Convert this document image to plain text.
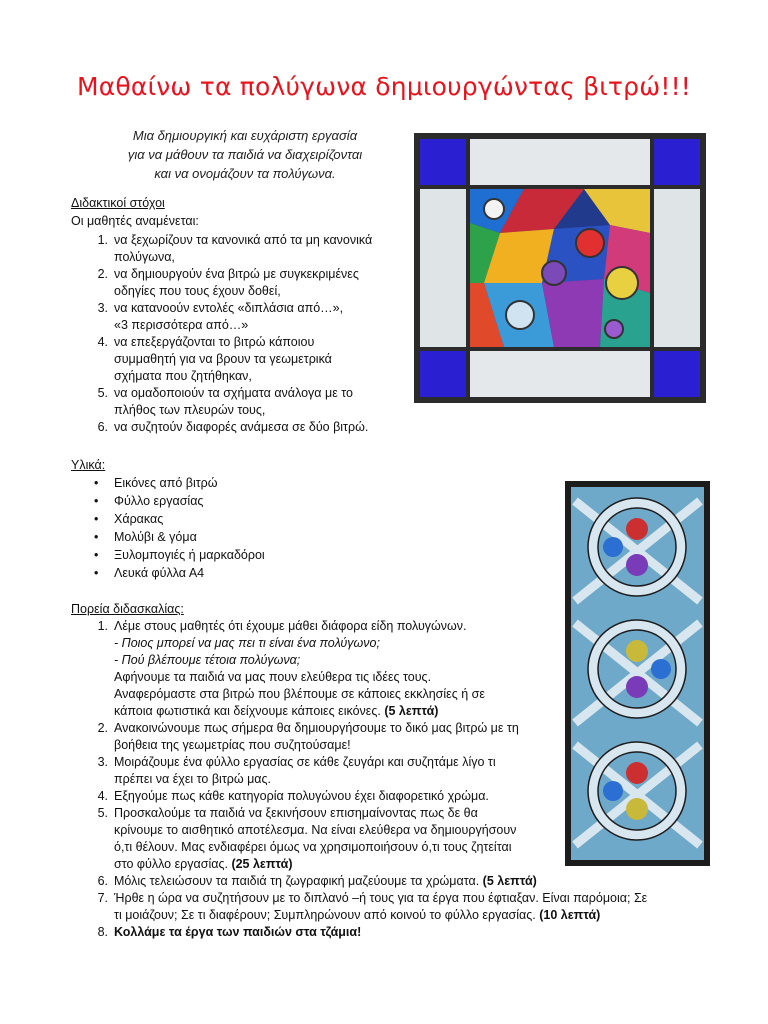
Μαθαίνω τα πολύγωνα δημιουργώντας βιτρώ!!!
Μια δημιουργική και ευχάριστη εργασία
για να μάθουν τα παιδιά να διαχειρίζονται
και να ονομάζουν τα πολύγωνα.
Διδακτικοί στόχοι
Οι μαθητές αναμένεται:
1. να ξεχωρίζουν τα κανονικά από τα μη κανονικά
πολύγωνα,
2. να δημιουργούν ένα βιτρώ με συγκεκριμένες
οδηγίες που τους έχουν δοθεί,
3. να κατανοούν εντολές «διπλάσια από…»,
«3 περισσότερα από…»
4. να επεξεργάζονται το βιτρώ κάποιου
συμμαθητή για να βρουν τα γεωμετρικά
σχήματα που ζητήθηκαν,
5. να ομαδοποιούν τα σχήματα ανάλογα με το
πλήθος των πλευρών τους,
6. να συζητούν διαφορές ανάμεσα σε δύο βιτρώ.
Υλικά:
• Εικόνες από βιτρώ
• Φύλλο εργασίας
• Χάρακας
• Μολύβι & γόμα
• Ξυλομπογιές ή μαρκαδόροι
• Λευκά φύλλα Α4
Πορεία διδασκαλίας:
1. Λέμε στους μαθητές ότι έχουμε μάθει διάφορα είδη πολυγώνων.
- Ποιος μπορεί να μας πει τι είναι ένα πολύγωνο;
- Πού βλέπουμε τέτοια πολύγωνα;
Αφήνουμε τα παιδιά να μας πουν ελεύθερα τις ιδέες τους.
Αναφερόμαστε στα βιτρώ που βλέπουμε σε κάποιες εκκλησίες ή σε
κάποια φωτιστικά και δείχνουμε κάποιες εικόνες. (5 λεπτά)
2. Ανακοινώνουμε πως σήμερα θα δημιουργήσουμε το δικό μας βιτρώ με τη
βοήθεια της γεωμετρίας που συζητούσαμε!
3. Μοιράζουμε ένα φύλλο εργασίας σε κάθε ζευγάρι και συζητάμε λίγο τι
πρέπει να έχει το βιτρώ μας.
4. Εξηγούμε πως κάθε κατηγορία πολυγώνου έχει διαφορετικό χρώμα.
5. Προσκαλούμε τα παιδιά να ξεκινήσουν επισημαίνοντας πως δε θα
κρίνουμε το αισθητικό αποτέλεσμα. Να είναι ελεύθερα να δημιουργήσουν
ό,τι θέλουν. Μας ενδιαφέρει όμως να χρησιμοποιήσουν ό,τι τους ζητείται
στο φύλλο εργασίας. (25 λεπτά)
6. Μόλις τελειώσουν τα παιδιά τη ζωγραφική μαζεύουμε τα χρώματα. (5 λεπτά)
7. Ήρθε η ώρα να συζητήσουν με το διπλανό –ή τους για τα έργα που έφτιαξαν. Είναι παρόμοια; Σε
τι μοιάζουν; Σε τι διαφέρουν; Συμπληρώνουν από κοινού το φύλλο εργασίας. (10 λεπτά)
8. Κολλάμε τα έργα των παιδιών στα τζάμια!
